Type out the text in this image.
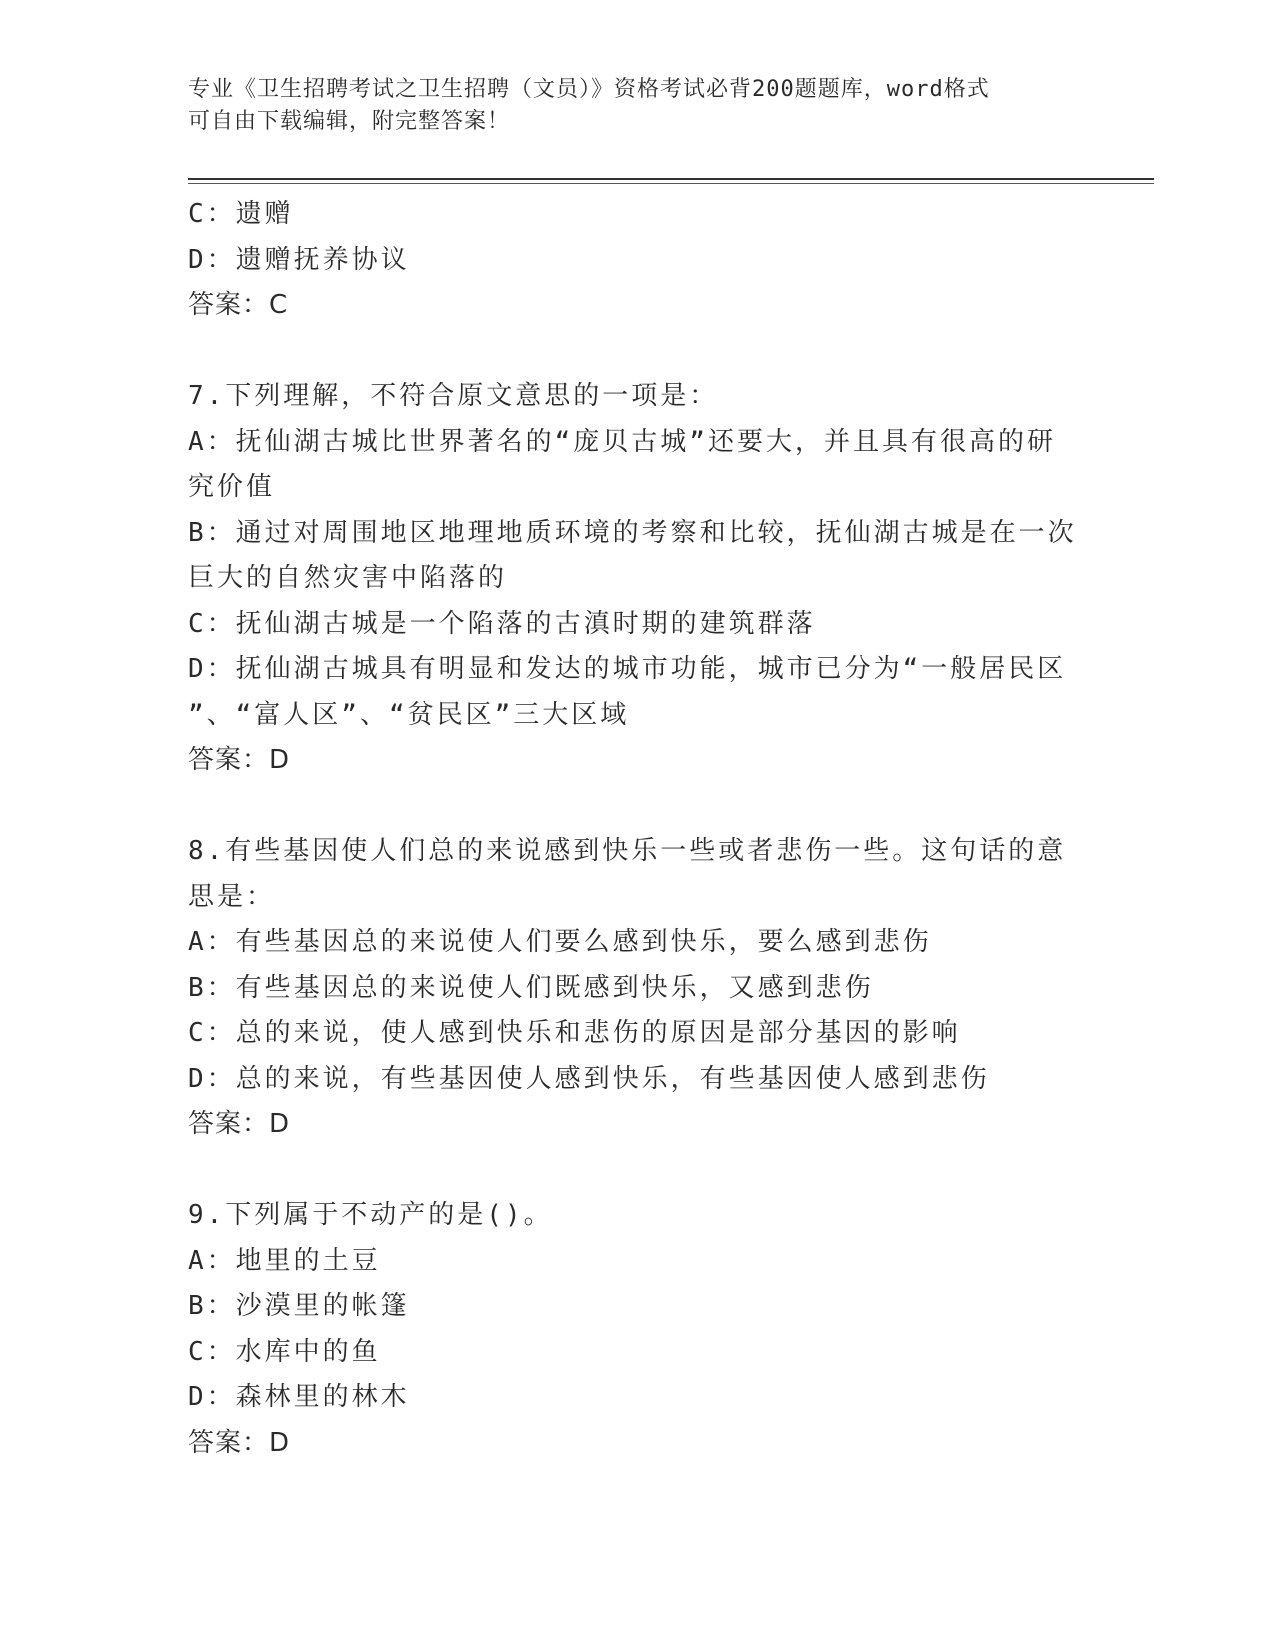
专业《卫生招聘考试之卫生招聘（文员）》资格考试必背200题题库，word格式
可自由下载编辑，附完整答案！

C：遗赠

D：遗赠抚养协议

答案：C

7.下列理解，不符合原文意思的一项是：

A：抚仙湖古城比世界著名的“庞贝古城”还要大，并且具有很高的研

究价值

B：通过对周围地区地理地质环境的考察和比较，抚仙湖古城是在一次

巨大的自然灾害中陷落的

C：抚仙湖古城是一个陷落的古滇时期的建筑群落

D：抚仙湖古城具有明显和发达的城市功能，城市已分为“一般居民区

”、“富人区”、“贫民区”三大区域

答案：D

8.有些基因使人们总的来说感到快乐一些或者悲伤一些。这句话的意

思是：

A：有些基因总的来说使人们要么感到快乐，要么感到悲伤

B：有些基因总的来说使人们既感到快乐，又感到悲伤

C：总的来说，使人感到快乐和悲伤的原因是部分基因的影响

D：总的来说，有些基因使人感到快乐，有些基因使人感到悲伤

答案：D

9.下列属于不动产的是()。

A：地里的土豆

B：沙漠里的帐篷

C：水库中的鱼

D：森林里的林木

答案：D
